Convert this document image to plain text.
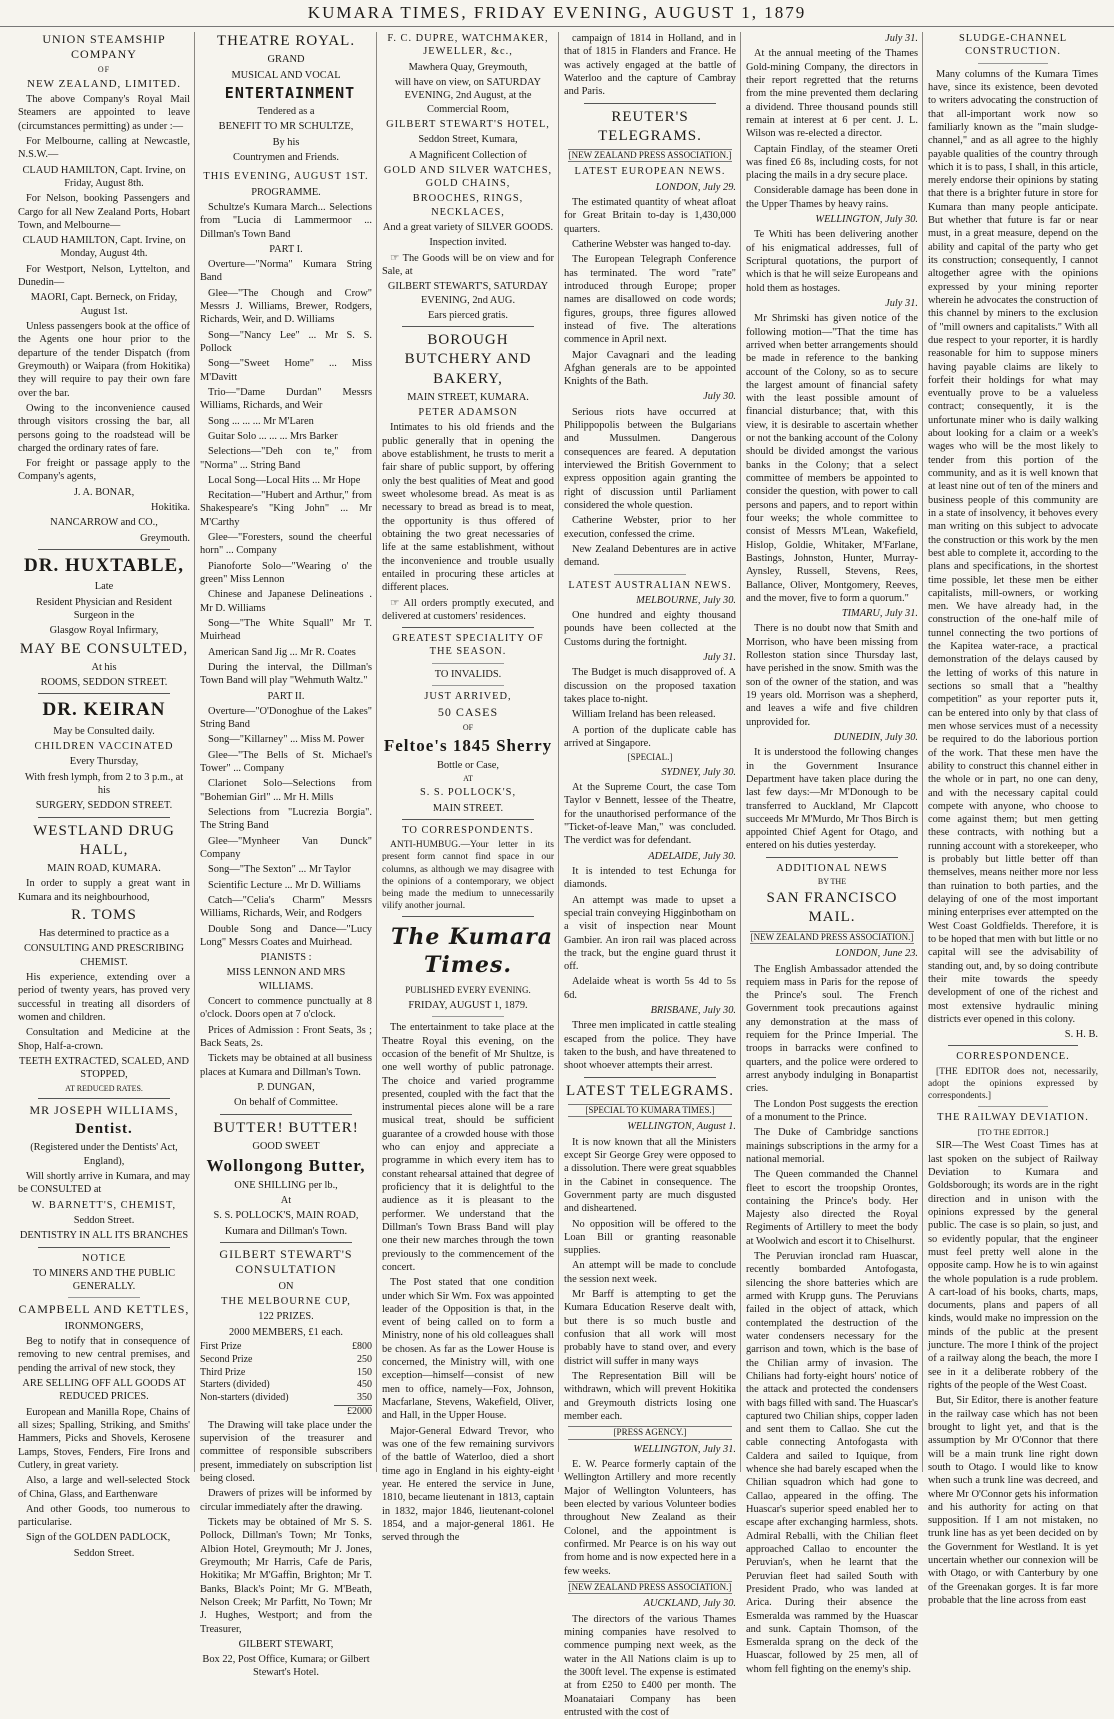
KUMARA TIMES, FRIDAY EVENING, AUGUST 1, 1879

UNION STEAMSHIP COMPANY

OF

NEW ZEALAND, LIMITED.

The above Company's Royal Mail Steamers are appointed to leave (circumstances permitting) as under :—

For Melbourne, calling at Newcastle, N.S.W.—

CLAUD HAMILTON, Capt. Irvine, on Friday, August 8th.

For Nelson, booking Passengers and Cargo for all New Zealand Ports, Hobart Town, and Melbourne—

CLAUD HAMILTON, Capt. Irvine, on Monday, August 4th.

For Westport, Nelson, Lyttelton, and Dunedin—

MAORI, Capt. Berneck, on Friday, August 1st.

Unless passengers book at the office of the Agents one hour prior to the departure of the tender Dispatch (from Greymouth) or Waipara (from Hokitika) they will require to pay their own fare over the bar.

Owing to the inconvenience caused through visitors crossing the bar, all persons going to the roadstead will be charged the ordinary rates of fare.

For freight or passage apply to the Company's agents,

J. A. BONAR,

Hokitika.

NANCARROW and CO.,

Greymouth.

DR. HUXTABLE,

Late

Resident Physician and Resident Surgeon in the

Glasgow Royal Infirmary,

MAY BE CONSULTED,

At his

ROOMS, SEDDON STREET.

DR. KEIRAN

May be Consulted daily.

CHILDREN VACCINATED

Every Thursday,

With fresh lymph, from 2 to 3 p.m., at his

SURGERY, SEDDON STREET.

WESTLAND DRUG HALL,

MAIN ROAD, KUMARA.

In order to supply a great want in Kumara and its neighbourhood,

R. TOMS

Has determined to practice as a

CONSULTING AND PRESCRIBING CHEMIST.

His experience, extending over a period of twenty years, has proved very successful in treating all disorders of women and children.

Consultation and Medicine at the Shop, Half-a-crown.

TEETH EXTRACTED, SCALED, AND STOPPED,

AT REDUCED RATES.

MR JOSEPH WILLIAMS,

Dentist.

(Registered under the Dentists' Act, England),

Will shortly arrive in Kumara, and may be CONSULTED at

W. BARNETT'S, CHEMIST,

Seddon Street.

DENTISTRY IN ALL ITS BRANCHES

NOTICE

TO MINERS AND THE PUBLIC GENERALLY.

CAMPBELL AND KETTLES,

IRONMONGERS,

Beg to notify that in consequence of removing to new central premises, and pending the arrival of new stock, they

ARE SELLING OFF ALL GOODS AT REDUCED PRICES.

European and Manilla Rope, Chains of all sizes; Spalling, Striking, and Smiths' Hammers, Picks and Shovels, Kerosene Lamps, Stoves, Fenders, Fire Irons and Cutlery, in great variety.

Also, a large and well-selected Stock of China, Glass, and Earthenware

And other Goods, too numerous to particularise.

Sign of the GOLDEN PADLOCK,

Seddon Street.

THEATRE ROYAL.

GRAND

MUSICAL AND VOCAL

ENTERTAINMENT

Tendered as a

BENEFIT TO MR SCHULTZE,

By his

Countrymen and Friends.

THIS EVENING, AUGUST 1ST.

PROGRAMME.

Schultze's Kumara March... Selections from "Lucia di Lammermoor ... Dillman's Town Band

PART I.

Overture—"Norma" Kumara String Band

Glee—"The Chough and Crow" Messrs J. Williams, Brewer, Rodgers, Richards, Weir, and D. Williams

Song—"Nancy Lee" ... Mr S. S. Pollock

Song—"Sweet Home" ... Miss M'Davitt

Trio—"Dame Durdan" Messrs Williams, Richards, and Weir

Song ... ... ... Mr M'Laren

Guitar Solo ... ... ... Mrs Barker

Selections—"Deh con te," from "Norma" ... String Band

Local Song—Local Hits ... Mr Hope

Recitation—"Hubert and Arthur," from Shakespeare's "King John" ... Mr M'Carthy

Glee—"Foresters, sound the cheerful horn" ... Company

Pianoforte Solo—"Wearing o' the green" Miss Lennon

Chinese and Japanese Delineations . Mr D. Williams

Song—"The White Squall" Mr T. Muirhead

American Sand Jig ... Mr R. Coates

During the interval, the Dillman's Town Band will play "Wehmuth Waltz."

PART II.

Overture—"O'Donoghue of the Lakes" String Band

Song—"Killarney" ... Miss M. Power

Glee—"The Bells of St. Michael's Tower" ... Company

Clarionet Solo—Selections from "Bohemian Girl" ... Mr H. Mills

Selections from "Lucrezia Borgia". The String Band

Glee—"Mynheer Van Dunck" Company

Song—"The Sexton" ... Mr Taylor

Scientific Lecture ... Mr D. Williams

Catch—"Celia's Charm" Messrs Williams, Richards, Weir, and Rodgers

Double Song and Dance—"Lucy Long" Messrs Coates and Muirhead.

PIANISTS :

MISS LENNON AND MRS WILLIAMS.

Concert to commence punctually at 8 o'clock. Doors open at 7 o'clock.

Prices of Admission : Front Seats, 3s ; Back Seats, 2s.

Tickets may be obtained at all business places at Kumara and Dillman's Town.

P. DUNGAN,

On behalf of Committee.

BUTTER! BUTTER!

GOOD SWEET

Wollongong Butter,

ONE SHILLING per lb.,

At

S. S. POLLOCK'S, MAIN ROAD,

Kumara and Dillman's Town.

GILBERT STEWART'S CONSULTATION

ON

THE MELBOURNE CUP,

122 PRIZES.

2000 MEMBERS, £1 each.

First Prize	£800
Second Prize	250
Third Prize	150
Starters (divided)	450
Non-starters (divided)	350
	£2000

The Drawing will take place under the supervision of the treasurer and committee of responsible subscribers present, immediately on subscription list being closed.

Drawers of prizes will be informed by circular immediately after the drawing.

Tickets may be obtained of Mr S. S. Pollock, Dillman's Town; Mr Tonks, Albion Hotel, Greymouth; Mr J. Jones, Greymouth; Mr Harris, Cafe de Paris, Hokitika; Mr M'Gaffin, Brighton; Mr T. Banks, Black's Point; Mr G. M'Beath, Nelson Creek; Mr Parfitt, No Town; Mr J. Hughes, Westport; and from the Treasurer,

GILBERT STEWART,

Box 22, Post Office, Kumara; or Gilbert Stewart's Hotel.

F. C. DUPRE, WATCHMAKER, JEWELLER, &c.,

Mawhera Quay, Greymouth,

will have on view, on SATURDAY EVENING, 2nd August, at the Commercial Room,

GILBERT STEWART'S HOTEL,

Seddon Street, Kumara,

A Magnificent Collection of

GOLD AND SILVER WATCHES, GOLD CHAINS,

BROOCHES, RINGS, NECKLACES,

And a great variety of SILVER GOODS.

Inspection invited.

☞ The Goods will be on view and for Sale, at

GILBERT STEWART'S, SATURDAY EVENING, 2nd AUG.

Ears pierced gratis.

BOROUGH BUTCHERY AND BAKERY,

MAIN STREET, KUMARA.

PETER ADAMSON

Intimates to his old friends and the public generally that in opening the above establishment, he trusts to merit a fair share of public support, by offering only the best qualities of Meat and good sweet wholesome bread. As meat is as necessary to bread as bread is to meat, the opportunity is thus offered of obtaining the two great necessaries of life at the same establishment, without the inconvenience and trouble usually entailed in procuring these articles at different places.

☞ All orders promptly executed, and delivered at customers' residences.

GREATEST SPECIALITY OF THE SEASON.

TO INVALIDS.

JUST ARRIVED,

50 CASES

OF

Feltoe's 1845 Sherry

Bottle or Case,

AT

S. S. POLLOCK'S,

MAIN STREET.

TO CORRESPONDENTS.

ANTI-HUMBUG.—Your letter in its present form cannot find space in our columns, as although we may disagree with the opinions of a contemporary, we object being made the medium to unnecessarily vilify another journal.

The Kumara Times.

PUBLISHED EVERY EVENING.

FRIDAY, AUGUST 1, 1879.

The entertainment to take place at the Theatre Royal this evening, on the occasion of the benefit of Mr Shultze, is one well worthy of public patronage. The choice and varied programme presented, coupled with the fact that the instrumental pieces alone will be a rare musical treat, should be sufficient guarantee of a crowded house with those who can enjoy and appreciate a programme in which every item has to constant rehearsal attained that degree of proficiency that it is delightful to the audience as it is pleasant to the performer. We understand that the Dillman's Town Brass Band will play one their new marches through the town previously to the commencement of the concert.

The Post stated that one condition under which Sir Wm. Fox was appointed leader of the Opposition is that, in the event of being called on to form a Ministry, none of his old colleagues shall be chosen. As far as the Lower House is concerned, the Ministry will, with one exception—himself—consist of new men to office, namely—Fox, Johnson, Macfarlane, Stevens, Wakefield, Oliver, and Hall, in the Upper House.

Major-General Edward Trevor, who was one of the few remaining survivors of the battle of Waterloo, died a short time ago in England in his eighty-eight year. He entered the service in June, 1810, became lieutenant in 1813, captain in 1832, major 1846, lieutenant-colonel 1854, and a major-general 1861. He served through the

campaign of 1814 in Holland, and in that of 1815 in Flanders and France. He was actively engaged at the battle of Waterloo and the capture of Cambray and Paris.

REUTER'S TELEGRAMS.

[NEW ZEALAND PRESS ASSOCIATION.]

LATEST EUROPEAN NEWS.

LONDON, July 29.

The estimated quantity of wheat afloat for Great Britain to-day is 1,430,000 quarters.

Catherine Webster was hanged to-day.

The European Telegraph Conference has terminated. The word "rate" introduced through Europe; proper names are disallowed on code words; figures, groups, three figures allowed instead of five. The alterations commence in April next.

Major Cavagnari and the leading Afghan generals are to be appointed Knights of the Bath.

July 30.

Serious riots have occurred at Philippopolis between the Bulgarians and Mussulmen. Dangerous consequences are feared. A deputation interviewed the British Government to express opposition again granting the right of discussion until Parliament considered the whole question.

Catherine Webster, prior to her execution, confessed the crime.

New Zealand Debentures are in active demand.

LATEST AUSTRALIAN NEWS.

MELBOURNE, July 30.

One hundred and eighty thousand pounds have been collected at the Customs during the fortnight.

July 31.

The Budget is much disapproved of. A discussion on the proposed taxation takes place to-night.

William Ireland has been released.

A portion of the duplicate cable has arrived at Singapore.

[SPECIAL.]

SYDNEY, July 30.

At the Supreme Court, the case Tom Taylor v Bennett, lessee of the Theatre, for the unauthorised performance of the "Ticket-of-leave Man," was concluded. The verdict was for defendant.

ADELAIDE, July 30.

It is intended to test Echunga for diamonds.

An attempt was made to upset a special train conveying Higginbotham on a visit of inspection near Mount Gambier. An iron rail was placed across the track, but the engine guard thrust it off.

Adelaide wheat is worth 5s 4d to 5s 6d.

BRISBANE, July 30.

Three men implicated in cattle stealing escaped from the police. They have taken to the bush, and have threatened to shoot whoever attempts their arrest.

LATEST TELEGRAMS.

[SPECIAL TO KUMARA TIMES.]

WELLINGTON, August 1.

It is now known that all the Ministers except Sir George Grey were opposed to a dissolution. There were great squabbles in the Cabinet in consequence. The Government party are much disgusted and disheartened.

No opposition will be offered to the Loan Bill or granting reasonable supplies.

An attempt will be made to conclude the session next week.

Mr Barff is attempting to get the Kumara Education Reserve dealt with, but there is so much bustle and confusion that all work will most probably have to stand over, and every district will suffer in many ways

The Representation Bill will be withdrawn, which will prevent Hokitika and Greymouth districts losing one member each.

[PRESS AGENCY.]

WELLINGTON, July 31.

E. W. Pearce formerly captain of the Wellington Artillery and more recently Major of Wellington Volunteers, has been elected by various Volunteer bodies throughout New Zealand as their Colonel, and the appointment is confirmed. Mr Pearce is on his way out from home and is now expected here in a few weeks.

[NEW ZEALAND PRESS ASSOCIATION.]

AUCKLAND, July 30.

The directors of the various Thames mining companies have resolved to commence pumping next week, as the water in the All Nations claim is up to the 300ft level. The expense is estimated at from £250 to £400 per month. The Moanataiari Company has been entrusted with the cost of

July 31.

At the annual meeting of the Thames Gold-mining Company, the directors in their report regretted that the returns from the mine prevented them declaring a dividend. Three thousand pounds still remain at interest at 6 per cent. J. L. Wilson was re-elected a director.

Captain Findlay, of the steamer Oreti was fined £6 8s, including costs, for not placing the mails in a dry secure place.

Considerable damage has been done in the Upper Thames by heavy rains.

WELLINGTON, July 30.

Te Whiti has been delivering another of his enigmatical addresses, full of Scriptural quotations, the purport of which is that he will seize Europeans and hold them as hostages.

July 31.

Mr Shrimski has given notice of the following motion—"That the time has arrived when better arrangements should be made in reference to the banking account of the Colony, so as to secure the largest amount of financial safety with the least possible amount of financial disturbance; that, with this view, it is desirable to ascertain whether or not the banking account of the Colony should be divided amongst the various banks in the Colony; that a select committee of members be appointed to consider the question, with power to call persons and papers, and to report within four weeks; the whole committee to consist of Messrs M'Lean, Wakefield, Hislop, Goldie, Whitaker, M'Farlane, Bastings, Johnston, Hunter, Murray-Aynsley, Russell, Stevens, Rees, Ballance, Oliver, Montgomery, Reeves, and the mover, five to form a quorum."

TIMARU, July 31.

There is no doubt now that Smith and Morrison, who have been missing from Rolleston station since Thursday last, have perished in the snow. Smith was the son of the owner of the station, and was 19 years old. Morrison was a shepherd, and leaves a wife and five children unprovided for.

DUNEDIN, July 30.

It is understood the following changes in the Government Insurance Department have taken place during the last few days:—Mr M'Donough to be transferred to Auckland, Mr Clapcott succeeds Mr M'Murdo, Mr Thos Birch is appointed Chief Agent for Otago, and entered on his duties yesterday.

ADDITIONAL NEWS

BY THE

SAN FRANCISCO MAIL.

[NEW ZEALAND PRESS ASSOCIATION.]

LONDON, June 23.

The English Ambassador attended the requiem mass in Paris for the repose of the Prince's soul. The French Government took precautions against any demonstration at the mass of requiem for the Prince Imperial. The troops in barracks were confined to quarters, and the police were ordered to arrest anybody indulging in Bonapartist cries.

The London Post suggests the erection of a monument to the Prince.

The Duke of Cambridge sanctions mainings subscriptions in the army for a national memorial.

The Queen commanded the Channel fleet to escort the troopship Orontes, containing the Prince's body. Her Majesty also directed the Royal Regiments of Artillery to meet the body at Woolwich and escort it to Chiselhurst.

The Peruvian ironclad ram Huascar, recently bombarded Antofogasta, silencing the shore batteries which are armed with Krupp guns. The Peruvians failed in the object of attack, which contemplated the destruction of the water condensers necessary for the garrison and town, which is the base of the Chilian army of invasion. The Chilians had forty-eight hours' notice of the attack and protected the condensers with bags filled with sand. The Huascar's captured two Chilian ships, copper laden and sent them to Callao. She cut the cable connecting Antofogasta with Caldera and sailed to Iquique, from whence she had barely escaped when the Chilian squadron which had gone to Callao, appeared in the offing. The Huascar's superior speed enabled her to escape after exchanging harmless, shots. Admiral Reballi, with the Chilian fleet approached Callao to encounter the Peruvian's, when he learnt that the Peruvian fleet had sailed South with President Prado, who was landed at Arica. During their absence the Esmeralda was rammed by the Huascar and sunk. Captain Thomson, of the Esmeralda sprang on the deck of the Huascar, followed by 25 men, all of whom fell fighting on the enemy's ship.

SLUDGE-CHANNEL CONSTRUCTION.

Many columns of the Kumara Times have, since its existence, been devoted to writers advocating the construction of that all-important work now so familiarly known as the "main sludge-channel," and as all agree to the highly payable qualities of the country through which it is to pass, I shall, in this article, merely endorse their opinions by stating that there is a brighter future in store for Kumara than many people anticipate. But whether that future is far or near must, in a great measure, depend on the ability and capital of the party who get its construction; consequently, I cannot altogether agree with the opinions expressed by your mining reporter wherein he advocates the construction of this channel by miners to the exclusion of "mill owners and capitalists." With all due respect to your reporter, it is hardly reasonable for him to suppose miners having payable claims are likely to forfeit their holdings for what may eventually prove to be a valueless contract; consequently, it is the unfortunate miner who is daily walking about looking for a claim or a week's wages who will be the most likely to tender from this portion of the community, and as it is well known that at least nine out of ten of the miners and business people of this community are in a state of insolvency, it behoves every man writing on this subject to advocate the construction or this work by the men best able to complete it, according to the plans and specifications, in the shortest time possible, let these men be either capitalists, mill-owners, or working men. We have already had, in the construction of the one-half mile of tunnel connecting the two portions of the Kapitea water-race, a practical demonstration of the delays caused by the letting of works of this nature in sections so small that a "healthy competition" as your reporter puts it, can be entered into only by that class of men whose services must of a necessity be required to do the laborious portion of the work. That these men have the ability to construct this channel either in the whole or in part, no one can deny, and with the necessary capital could compete with anyone, who choose to come against them; but men getting these contracts, with nothing but a running account with a storekeeper, who is probably but little better off than themselves, means neither more nor less than ruination to both parties, and the delaying of one of the most important mining enterprises ever attempted on the West Coast Goldfields. Therefore, it is to be hoped that men with but little or no capital will see the advisability of standing out, and, by so doing contribute their mite towards the speedy development of one of the richest and most extensive hydraulic mining districts ever opened in this colony.

S. H. B.

CORRESPONDENCE.

[THE EDITOR does not, necessarily, adopt the opinions expressed by correspondents.]

THE RAILWAY DEVIATION.

[TO THE EDITOR.]

SIR—The West Coast Times has at last spoken on the subject of Railway Deviation to Kumara and Goldsborough; its words are in the right direction and in unison with the opinions expressed by the general public. The case is so plain, so just, and so evidently popular, that the engineer must feel pretty well alone in the opposite camp. How he is to win against the whole population is a rude problem. A cart-load of his books, charts, maps, documents, plans and papers of all kinds, would make no impression on the minds of the public at the present juncture. The more I think of the project of a railway along the beach, the more I see in it a deliberate robbery of the rights of the people of the West Coast.

But, Sir Editor, there is another feature in the railway case which has not been brought to light yet, and that is the assumption by Mr O'Connor that there will be a main trunk line right down south to Otago. I would like to know when such a trunk line was decreed, and where Mr O'Connor gets his information and his authority for acting on that supposition. If I am not mistaken, no trunk line has as yet been decided on by the Government for Westland. It is yet uncertain whether our connexion will be with Otago, or with Canterbury by one of the Greenakan gorges. It is far more probable that the line across from east
